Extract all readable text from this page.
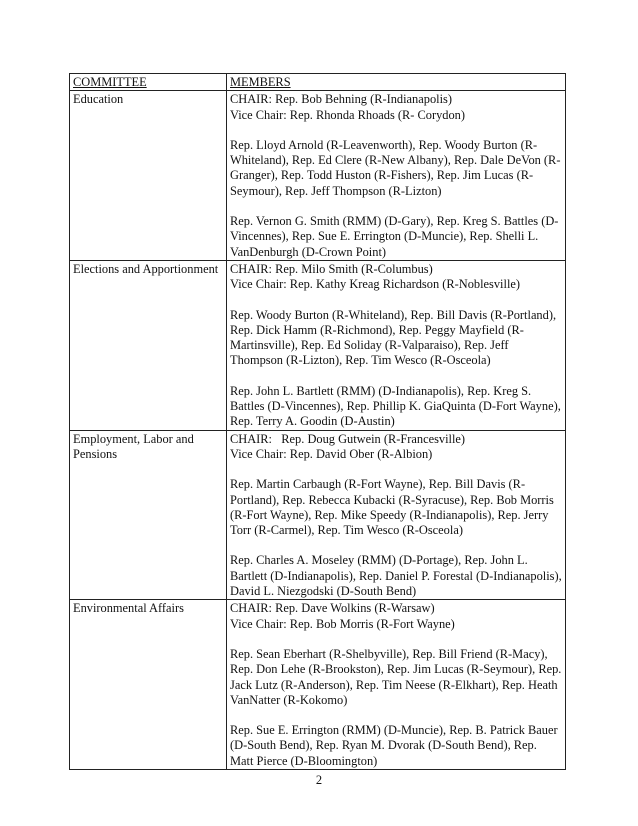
COMMITTEE	MEMBERS
Education	CHAIR: Rep. Bob Behning (R-Indianapolis)

Vice Chair: Rep. Rhonda Rhoads (R- Corydon)

Rep. Lloyd Arnold (R-Leavenworth), Rep. Woody Burton (R-Whiteland), Rep. Ed Clere (R-New Albany), Rep. Dale DeVon (R-Granger), Rep. Todd Huston (R-Fishers), Rep. Jim Lucas (R-Seymour), Rep. Jeff Thompson (R-Lizton)

Rep. Vernon G. Smith (RMM) (D-Gary), Rep. Kreg S. Battles (D-Vincennes), Rep. Sue E. Errington (D-Muncie), Rep. Shelli L. VanDenburgh (D-Crown Point)

Elections and Apportionment	CHAIR: Rep. Milo Smith (R-Columbus)

Vice Chair: Rep. Kathy Kreag Richardson (R-Noblesville)

Rep. Woody Burton (R-Whiteland), Rep. Bill Davis (R-Portland), Rep. Dick Hamm (R-Richmond), Rep. Peggy Mayfield (R-Martinsville), Rep. Ed Soliday (R-Valparaiso), Rep. Jeff Thompson (R-Lizton), Rep. Tim Wesco (R-Osceola)

Rep. John L. Bartlett (RMM) (D-Indianapolis), Rep. Kreg S. Battles (D-Vincennes), Rep. Phillip K. GiaQuinta (D-Fort Wayne), Rep. Terry A. Goodin (D-Austin)

Employment, Labor and Pensions	CHAIR:   Rep. Doug Gutwein (R-Francesville)

Vice Chair: Rep. David Ober (R-Albion)

Rep. Martin Carbaugh (R-Fort Wayne), Rep. Bill Davis (R-Portland), Rep. Rebecca Kubacki (R-Syracuse), Rep. Bob Morris (R-Fort Wayne), Rep. Mike Speedy (R-Indianapolis), Rep. Jerry Torr (R-Carmel), Rep. Tim Wesco (R-Osceola)

Rep. Charles A. Moseley (RMM) (D-Portage), Rep. John L. Bartlett (D-Indianapolis), Rep. Daniel P. Forestal (D-Indianapolis), David L. Niezgodski (D-South Bend)

Environmental Affairs	CHAIR: Rep. Dave Wolkins (R-Warsaw)

Vice Chair: Rep. Bob Morris (R-Fort Wayne)

Rep. Sean Eberhart (R-Shelbyville), Rep. Bill Friend (R-Macy), Rep. Don Lehe (R-Brookston), Rep. Jim Lucas (R-Seymour), Rep. Jack Lutz (R-Anderson), Rep. Tim Neese (R-Elkhart), Rep. Heath VanNatter (R-Kokomo)

Rep. Sue E. Errington (RMM) (D-Muncie), Rep. B. Patrick Bauer (D-South Bend), Rep. Ryan M. Dvorak (D-South Bend), Rep. Matt Pierce (D-Bloomington)

2
